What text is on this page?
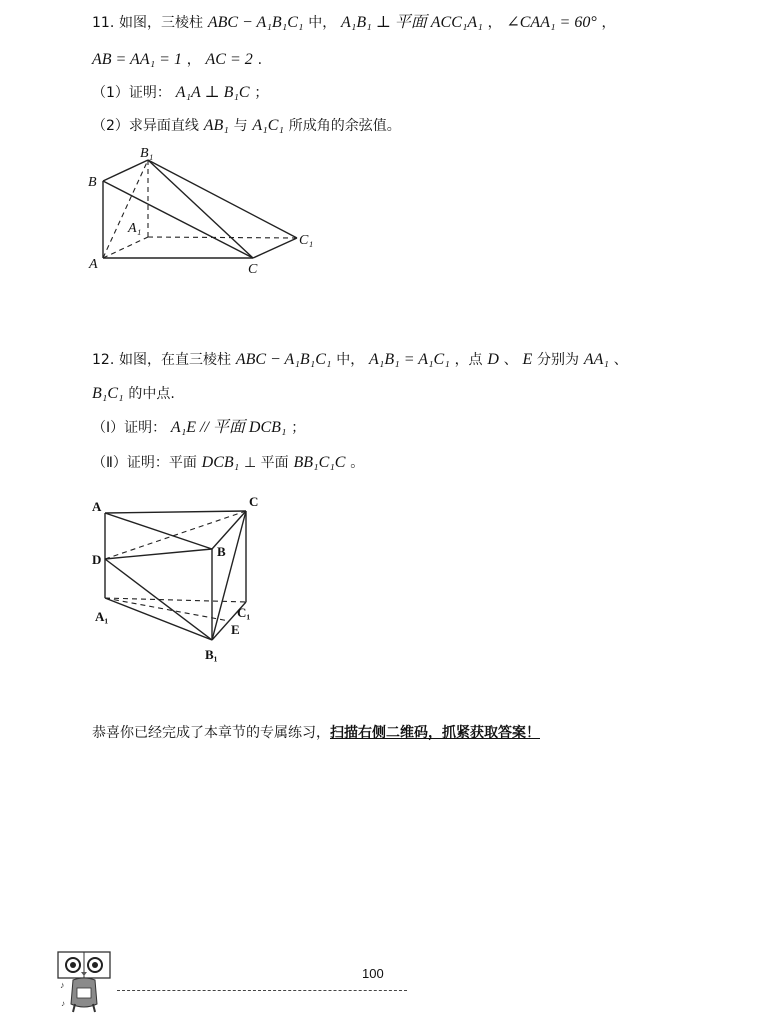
11. 如图，三棱柱 ABC − A₁B₁C₁ 中， A₁B₁ ⊥ 平面 ACC₁A₁ ， ∠CAA₁ = 60° ，
AB = AA₁ = 1 ， AC = 2 .
（1）证明： A₁A ⊥ B₁C ；
（2）求异面直线 AB₁ 与 A₁C₁ 所成角的余弦值。
B
B₁
A
A₁
C
C₁
12. 如图，在直三棱柱 ABC − A₁B₁C₁ 中， A₁B₁ = A₁C₁ ，点 D 、 E 分别为 AA₁ 、
B₁C₁ 的中点.
（Ⅰ）证明： A₁E // 平面 DCB₁ ；
（Ⅱ）证明：平面 DCB₁ ⊥ 平面 BB₁C₁C 。
A	C
D
B
A₁	C₁
E
B₁
恭喜你已经完成了本章节的专属练习，扫描右侧二维码，抓紧获取答案！
♪
♪
100
